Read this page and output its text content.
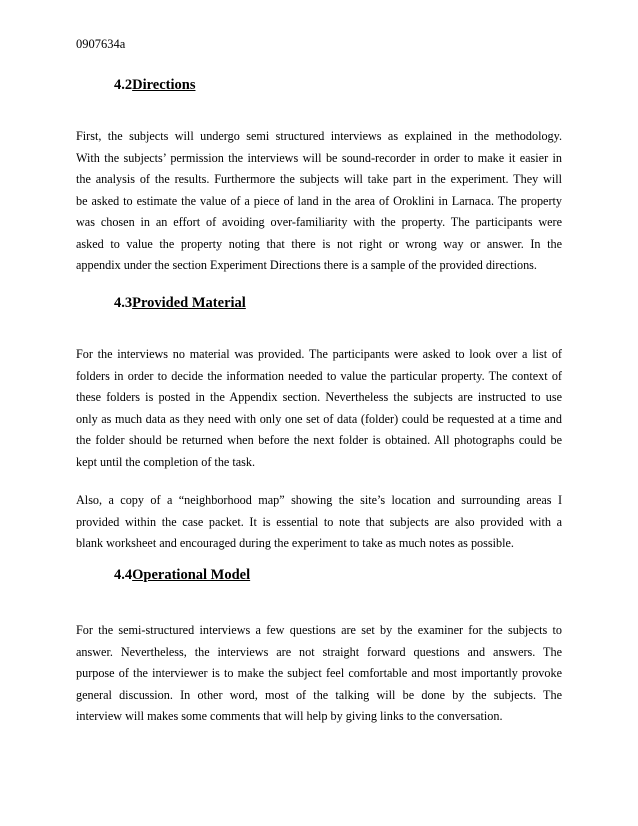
0907634a
4.2Directions
First, the subjects will undergo semi structured interviews as explained in the methodology.
With the subjects’ permission the interviews will be sound-recorder in order to make it easier in
the analysis of the results. Furthermore the subjects will take part in the experiment. They will
be asked to estimate the value of a piece of land in the area of Oroklini in Larnaca. The property
was chosen in an effort of avoiding over-familiarity with the property. The participants were
asked to value the property noting that there is not right or wrong way or answer. In the
appendix under the section Experiment Directions there is a sample of the provided directions.
4.3Provided Material
For the interviews no material was provided. The participants were asked to look over a list of
folders in order to decide the information needed to value the particular property. The context of
these folders is posted in the Appendix section. Nevertheless the subjects are instructed to use
only as much data as they need with only one set of data (folder) could be requested at a time and
the folder should be returned when before the next folder is obtained. All photographs could be
kept until the completion of the task.
Also, a copy of a “neighborhood map” showing the site’s location and surrounding areas I
provided within the case packet. It is essential to note that subjects are also provided with a
blank worksheet and encouraged during the experiment to take as much notes as possible.
4.4Operational Model
For the semi-structured interviews a few questions are set by the examiner for the subjects to
answer. Nevertheless, the interviews are not straight forward questions and answers. The
purpose of the interviewer is to make the subject feel comfortable and most importantly provoke
general discussion. In other word, most of the talking will be done by the subjects. The
interview will makes some comments that will help by giving links to the conversation.
